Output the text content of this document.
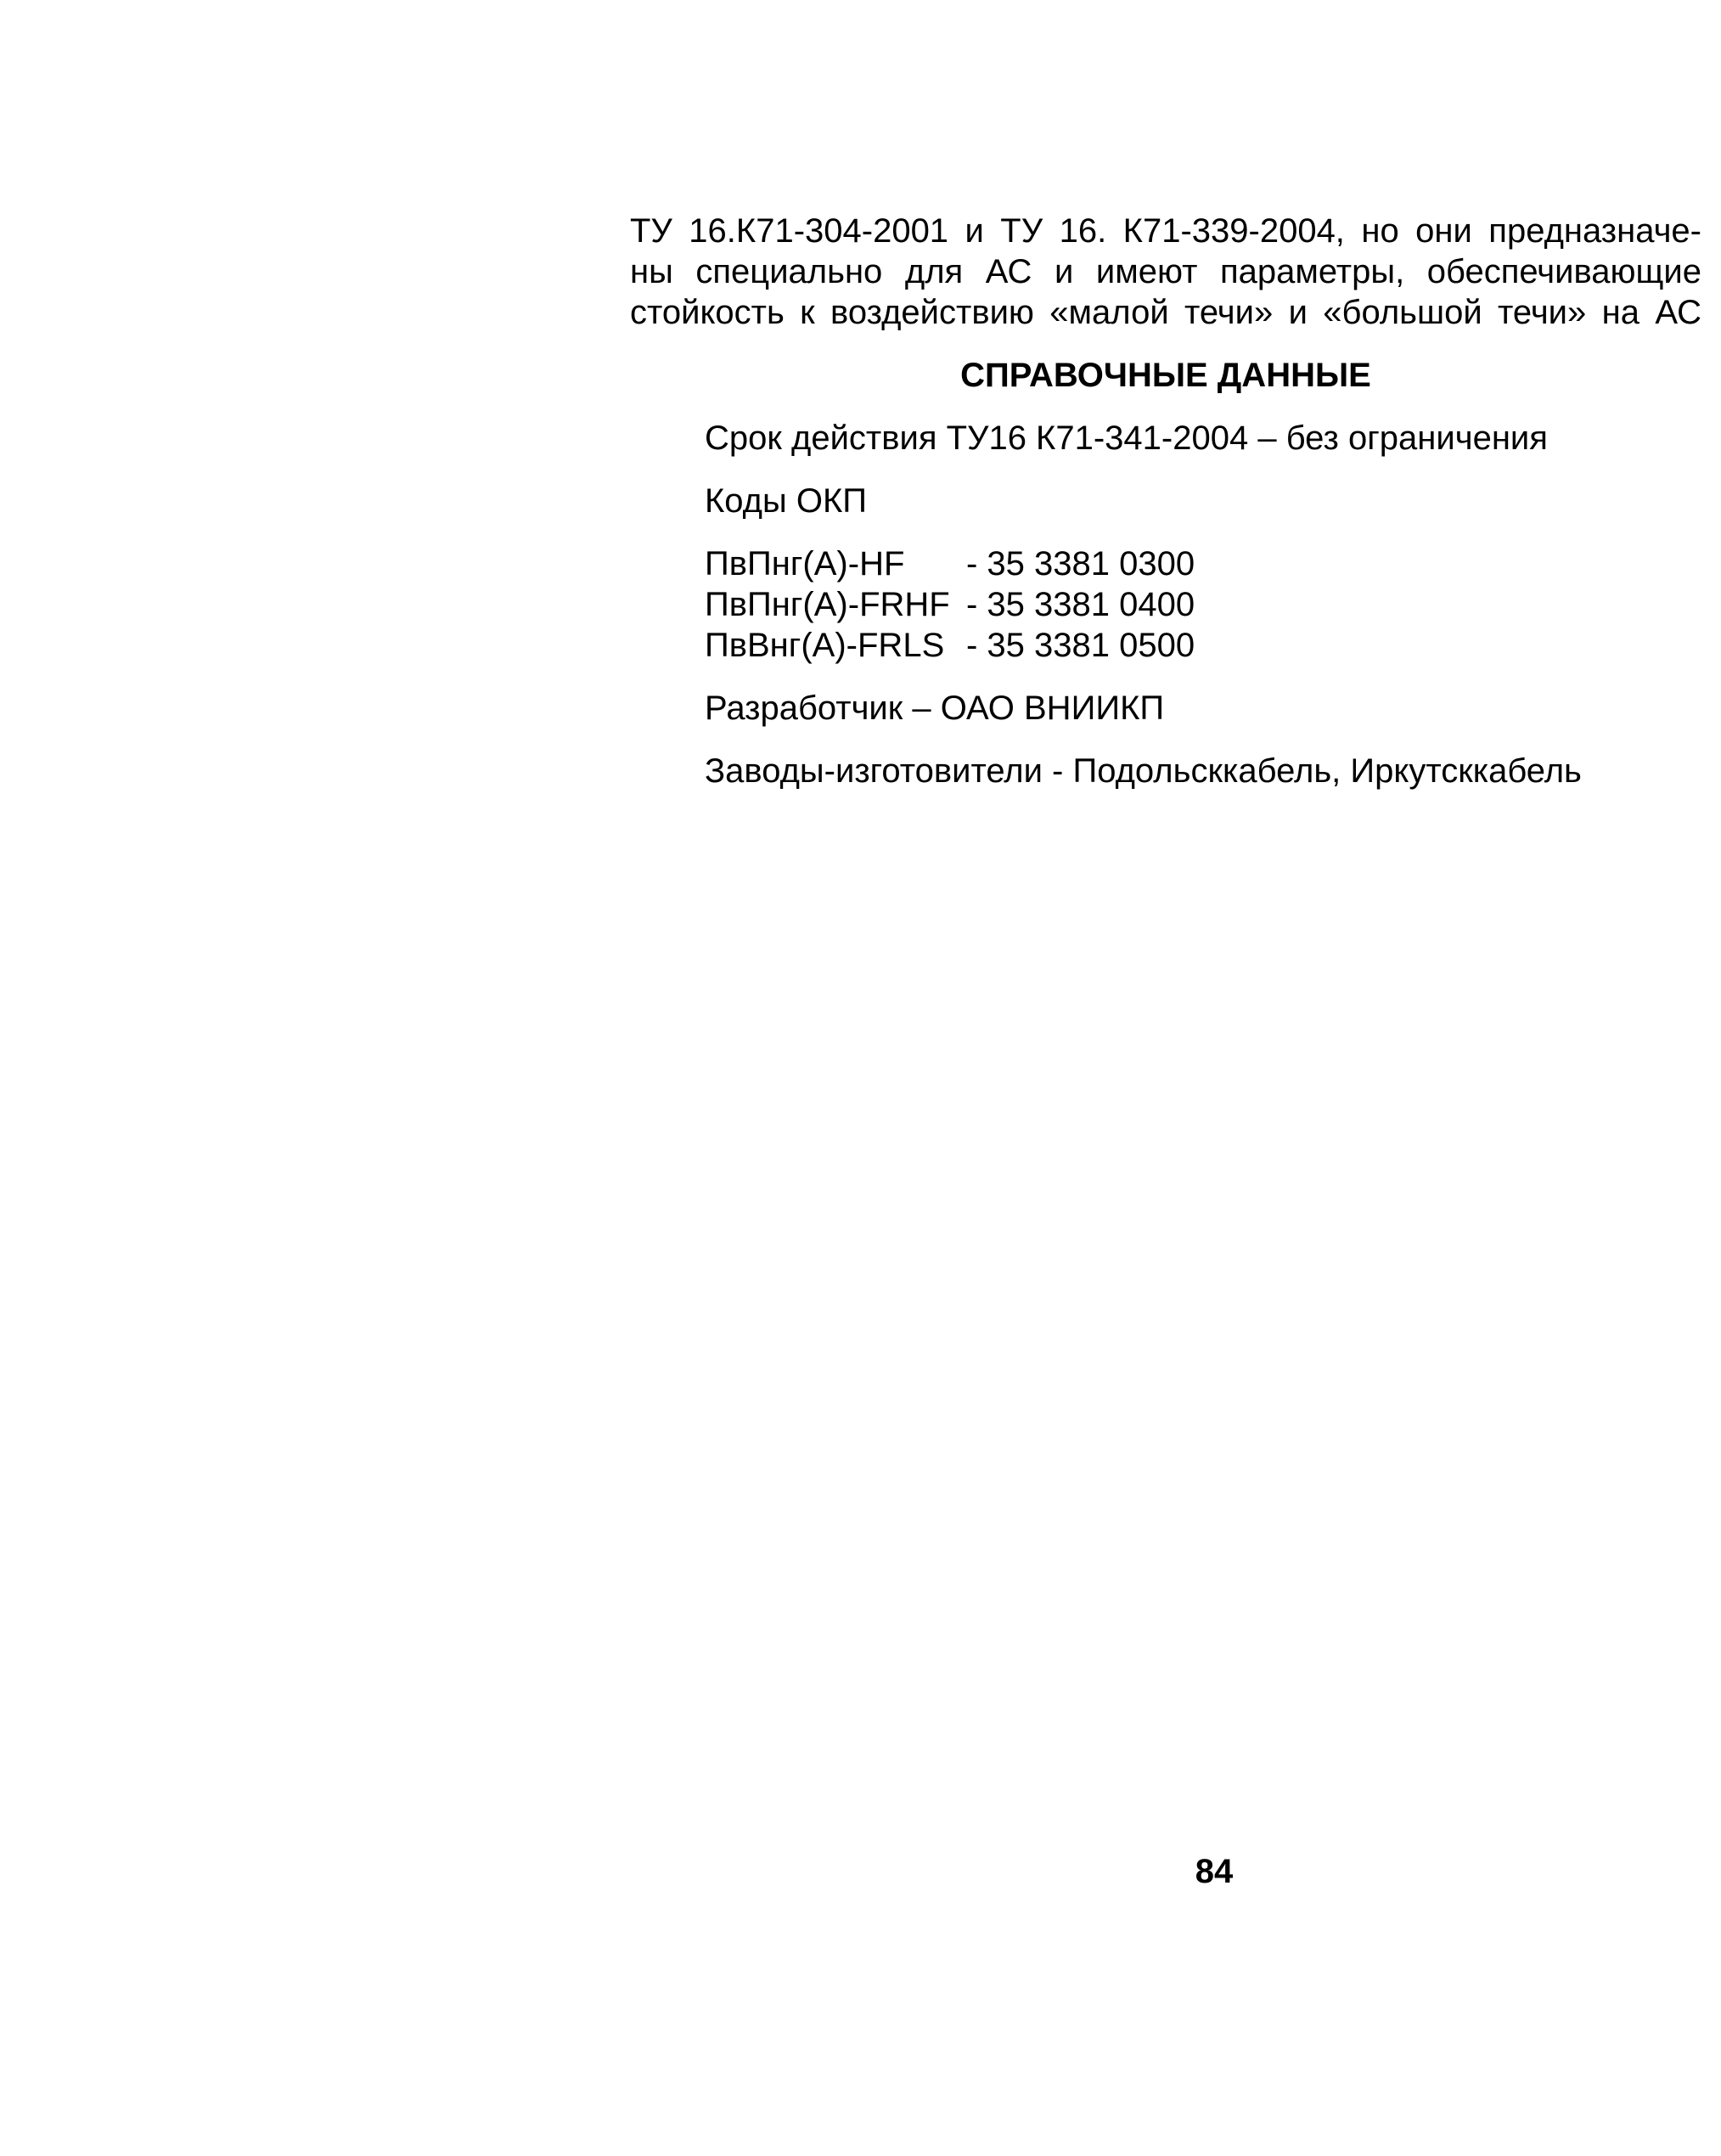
ТУ 16.К71-304-2001 и ТУ 16. К71-339-2004, но они предназначе-
ны специально для АС и имеют параметры, обеспечивающие
стойкость к воздействию «малой течи» и «большой течи» на АС
СПРАВОЧНЫЕ ДАННЫЕ
Срок действия ТУ16 К71-341-2004 – без ограничения
Коды ОКП
ПвПнг(А)-HF	- 35 3381 0300
ПвПнг(А)-FRHF - 35 3381 0400
ПвВнг(А)-FRLS - 35 3381 0500
Разработчик – ОАО ВНИИКП
Заводы-изготовители - Подольсккабель, Иркутсккабель
84
